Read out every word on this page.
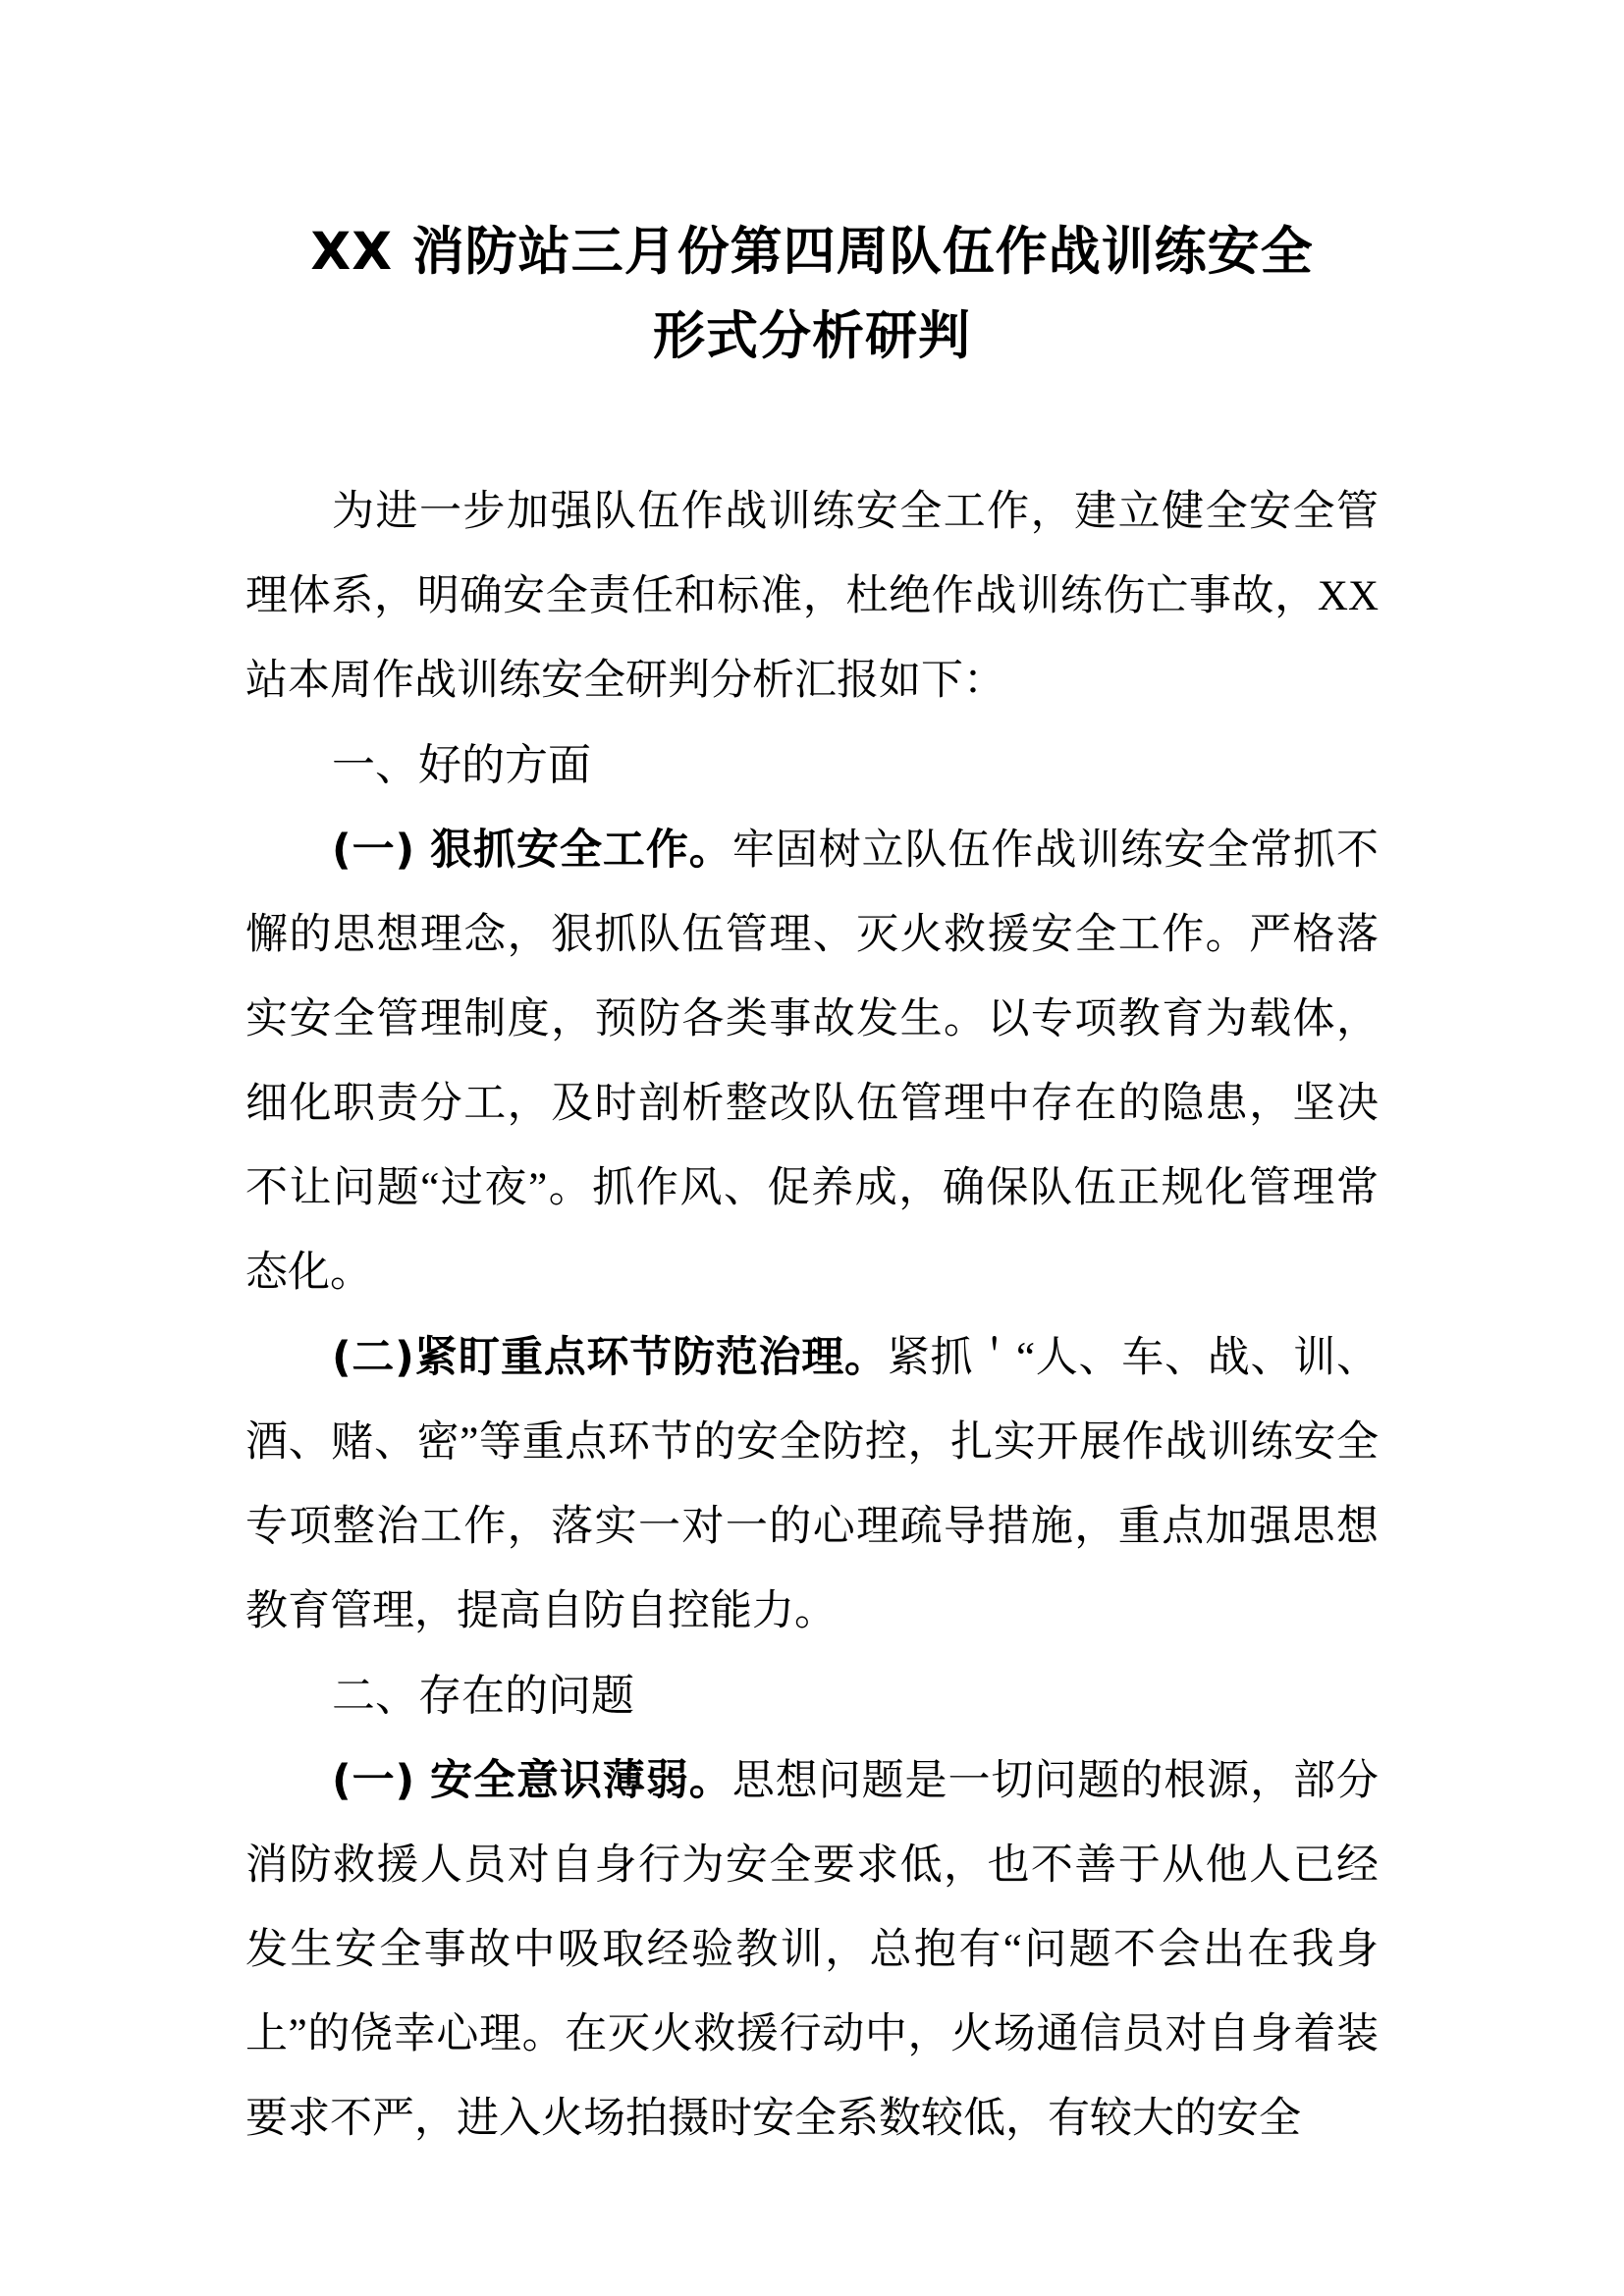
XX 消防站三月份第四周队伍作战训练安全
形式分析研判

为进一步加强队伍作战训练安全工作，建立健全安全管理体系，明确安全责任和标准，杜绝作战训练伤亡事故，XX站本周作战训练安全研判分析汇报如下：

一、好的方面

(一) 狠抓安全工作。牢固树立队伍作战训练安全常抓不懈的思想理念，狠抓队伍管理、灭火救援安全工作。严格落实安全管理制度，预防各类事故发生。以专项教育为载体，细化职责分工，及时剖析整改队伍管理中存在的隐患，坚决不让问题“过夜”。抓作风、促养成，确保队伍正规化管理常态化。

(二)紧盯重点环节防范治理。紧抓＇“人、车、战、训、酒、赌、密”等重点环节的安全防控，扎实开展作战训练安全专项整治工作，落实一对一的心理疏导措施，重点加强思想教育管理，提高自防自控能力。

二、存在的问题

(一) 安全意识薄弱。思想问题是一切问题的根源，部分消防救援人员对自身行为安全要求低，也不善于从他人已经发生安全事故中吸取经验教训，总抱有“问题不会出在我身上”的侥幸心理。在灭火救援行动中，火场通信员对自身着装要求不严，进入火场拍摄时安全系数较低，有较大的安全
